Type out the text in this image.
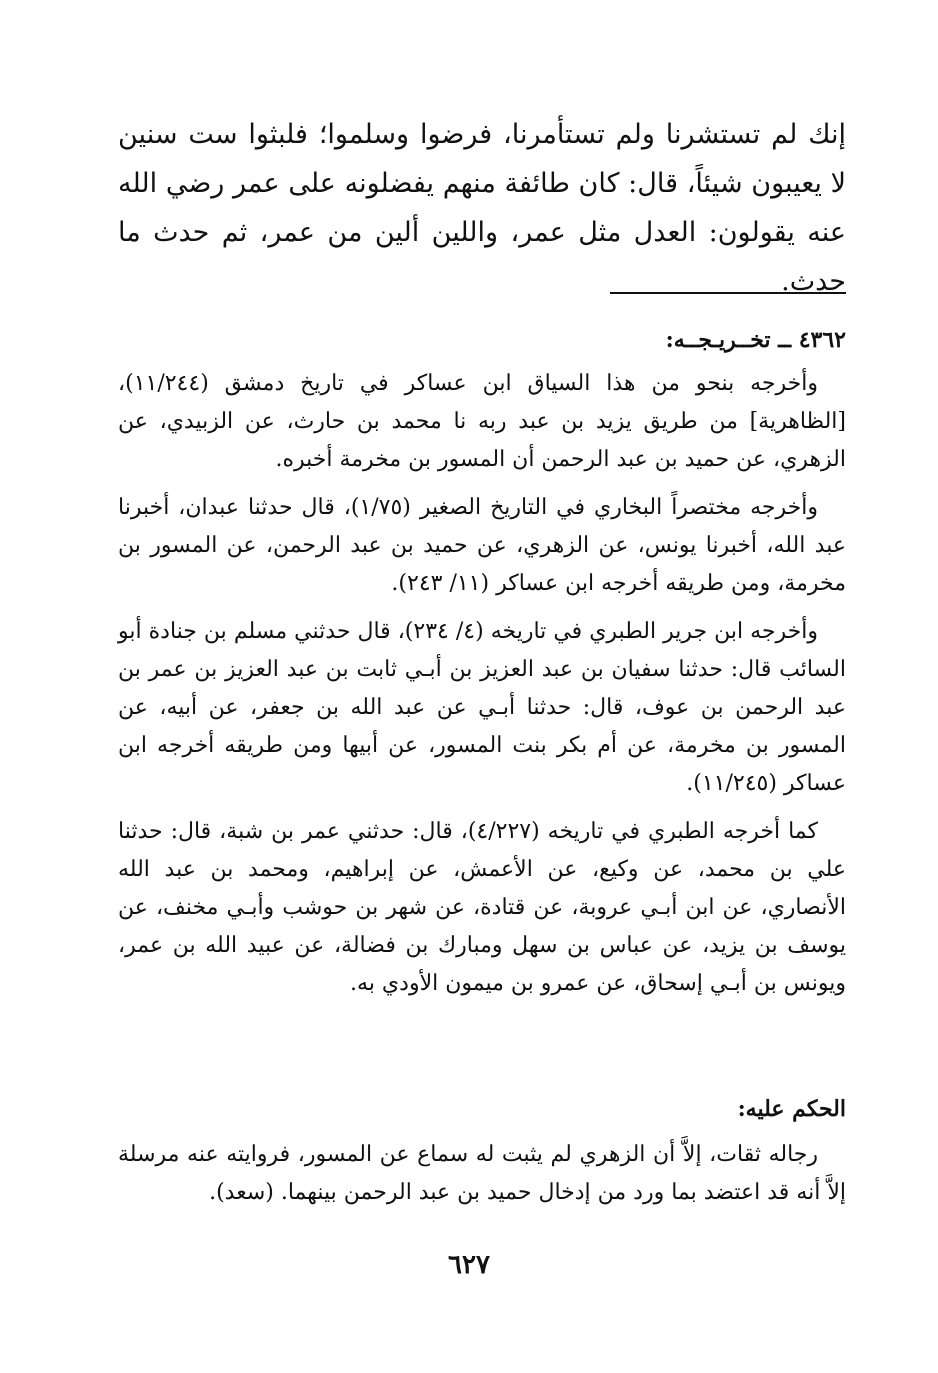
إنك لم تستشرنا ولم تستأمرنا، فرضوا وسلموا؛ فلبثوا ست سنين لا يعيبون شيئاً، قال: كان طائفة منهم يفضلونه على عمر رضي الله عنه يقولون: العدل مثل عمر، واللين ألين من عمر، ثم حدث ما حدث.

٤٣٦٢ ــ تخــريـجــه:

وأخرجه بنحو من هذا السياق ابن عساكر في تاريخ دمشق (١١/٢٤٤)، [الظاهرية] من طريق يزيد بن عبد ربه نا محمد بن حارث، عن الزبيدي، عن الزهري، عن حميد بن عبد الرحمن أن المسور بن مخرمة أخبره.

وأخرجه مختصراً البخاري في التاريخ الصغير (١/٧٥)، قال حدثنا عبدان، أخبرنا عبد الله، أخبرنا يونس، عن الزهري، عن حميد بن عبد الرحمن، عن المسور بن مخرمة، ومن طريقه أخرجه ابن عساكر (١١/ ٢٤٣).

وأخرجه ابن جرير الطبري في تاريخه (٤/ ٢٣٤)، قال حدثني مسلم بن جنادة أبو السائب قال: حدثنا سفيان بن عبد العزيز بن أبـي ثابت بن عبد العزيز بن عمر بن عبد الرحمن بن عوف، قال: حدثنا أبـي عن عبد الله بن جعفر، عن أبيه، عن المسور بن مخرمة، عن أم بكر بنت المسور، عن أبيها ومن طريقه أخرجه ابن عساكر (١١/٢٤٥).

كما أخرجه الطبري في تاريخه (٤/٢٢٧)، قال: حدثني عمر بن شبة، قال: حدثنا علي بن محمد، عن وكيع، عن الأعمش، عن إبراهيم، ومحمد بن عبد الله الأنصاري، عن ابن أبـي عروبة، عن قتادة، عن شهر بن حوشب وأبـي مخنف، عن يوسف بن يزيد، عن عباس بن سهل ومبارك بن فضالة، عن عبيد الله بن عمر، ويونس بن أبـي إسحاق، عن عمرو بن ميمون الأودي به.

الحكم عليه:

رجاله ثقات، إلاَّ أن الزهري لم يثبت له سماع عن المسور، فروايته عنه مرسلة إلاَّ أنه قد اعتضد بما ورد من إدخال حميد بن عبد الرحمن بينهما. (سعد).

٦٢٧
